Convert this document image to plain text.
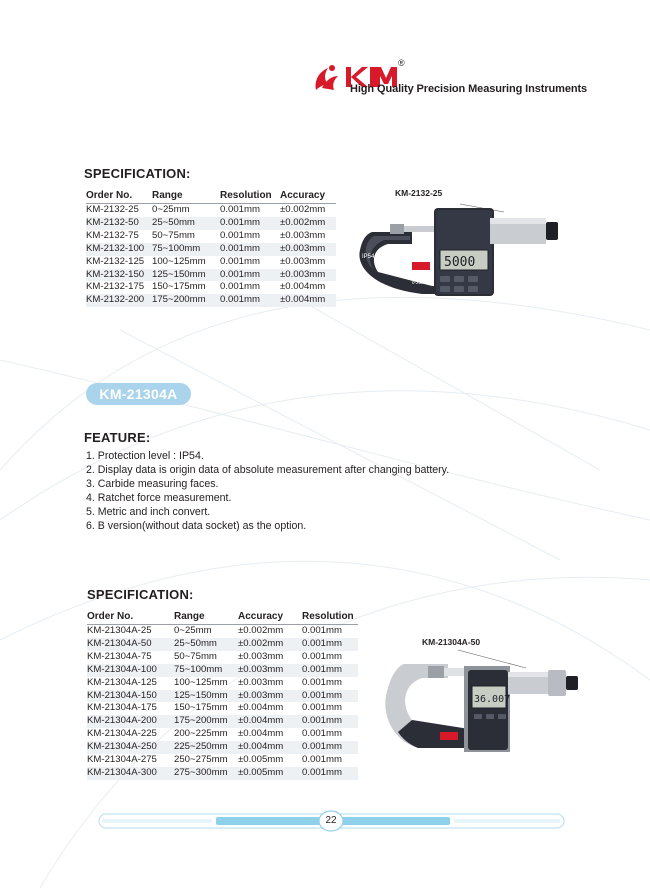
®
High Quality Precision Measuring Instruments
SPECIFICATION:
Order No.	Range	Resolution	Accuracy
KM-2132-25	0~25mm	0.001mm	±0.002mm
KM-2132-50	25~50mm	0.001mm	±0.002mm
KM-2132-75	50~75mm	0.001mm	±0.003mm
KM-2132-100	75~100mm	0.001mm	±0.003mm
KM-2132-125	100~125mm	0.001mm	±0.003mm
KM-2132-150	125~150mm	0.001mm	±0.003mm
KM-2132-175	150~175mm	0.001mm	±0.004mm
KM-2132-200	175~200mm	0.001mm	±0.004mm
KM-2132-25
5000
IP54
0.001mm
0-25mm
KM-21304A
FEATURE:
1. Protection level : IP54.
2. Display data is origin data of absolute measurement after changing battery.
3. Carbide measuring faces.
4. Ratchet force measurement.
5. Metric and inch convert.
6. B version(without data socket) as the option.
SPECIFICATION:
Order No.	Range	Accuracy	Resolution
KM-21304A-25	0~25mm	±0.002mm	0.001mm
KM-21304A-50	25~50mm	±0.002mm	0.001mm
KM-21304A-75	50~75mm	±0.003mm	0.001mm
KM-21304A-100	75~100mm	±0.003mm	0.001mm
KM-21304A-125	100~125mm	±0.003mm	0.001mm
KM-21304A-150	125~150mm	±0.003mm	0.001mm
KM-21304A-175	150~175mm	±0.004mm	0.001mm
KM-21304A-200	175~200mm	±0.004mm	0.001mm
KM-21304A-225	200~225mm	±0.004mm	0.001mm
KM-21304A-250	225~250mm	±0.004mm	0.001mm
KM-21304A-275	250~275mm	±0.005mm	0.001mm
KM-21304A-300	275~300mm	±0.005mm	0.001mm
KM-21304A-50
36.007
22
